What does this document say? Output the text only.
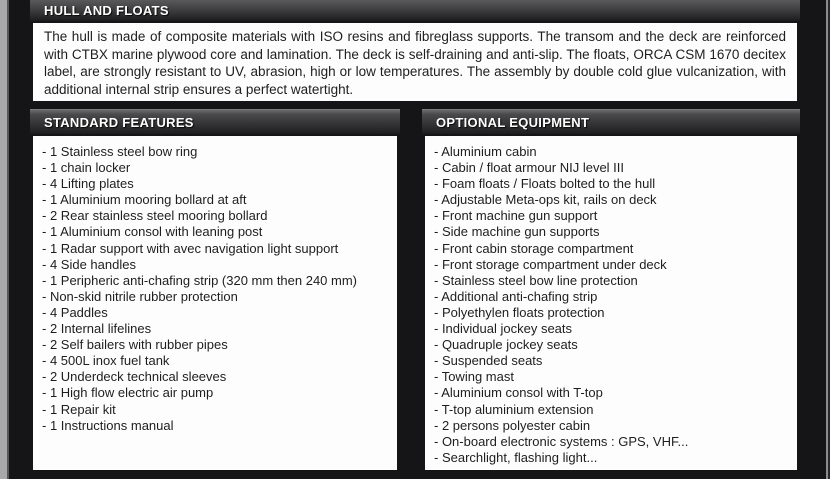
HULL AND FLOATS
The hull is made of composite materials with ISO resins and fibreglass supports. The transom and the deck are reinforced with CTBX marine plywood core and lamination. The deck is self-draining and anti-slip. The floats, ORCA CSM 1670 decitex label, are strongly resistant to UV, abrasion, high or low temperatures. The assembly by double cold glue vulcanization, with additional internal strip ensures a perfect watertight.
STANDARD FEATURES
- 1 Stainless steel bow ring
- 1 chain locker
- 4 Lifting plates
- 1 Aluminium mooring bollard at aft
- 2 Rear stainless steel mooring bollard
- 1 Aluminium consol with leaning post
- 1 Radar support with avec navigation light support
- 4 Side handles
- 1 Peripheric anti-chafing strip (320 mm then 240 mm)
- Non-skid nitrile rubber protection
- 4 Paddles
- 2 Internal lifelines
- 2 Self bailers with rubber pipes
- 4 500L inox fuel tank
- 2 Underdeck technical sleeves
- 1 High flow electric air pump
- 1 Repair kit
- 1 Instructions manual
OPTIONAL EQUIPMENT
- Aluminium cabin
- Cabin / float armour NIJ level III
- Foam floats / Floats bolted to the hull
- Adjustable Meta-ops kit, rails on deck
- Front machine gun support
- Side machine gun supports
- Front cabin storage compartment
- Front storage compartment under deck
- Stainless steel bow line protection
- Additional anti-chafing strip
- Polyethylen floats protection
- Individual jockey seats
- Quadruple jockey seats
- Suspended seats
- Towing mast
- Aluminium consol with T-top
- T-top aluminium extension
- 2 persons polyester cabin
- On-board electronic systems : GPS, VHF...
- Searchlight, flashing light...
